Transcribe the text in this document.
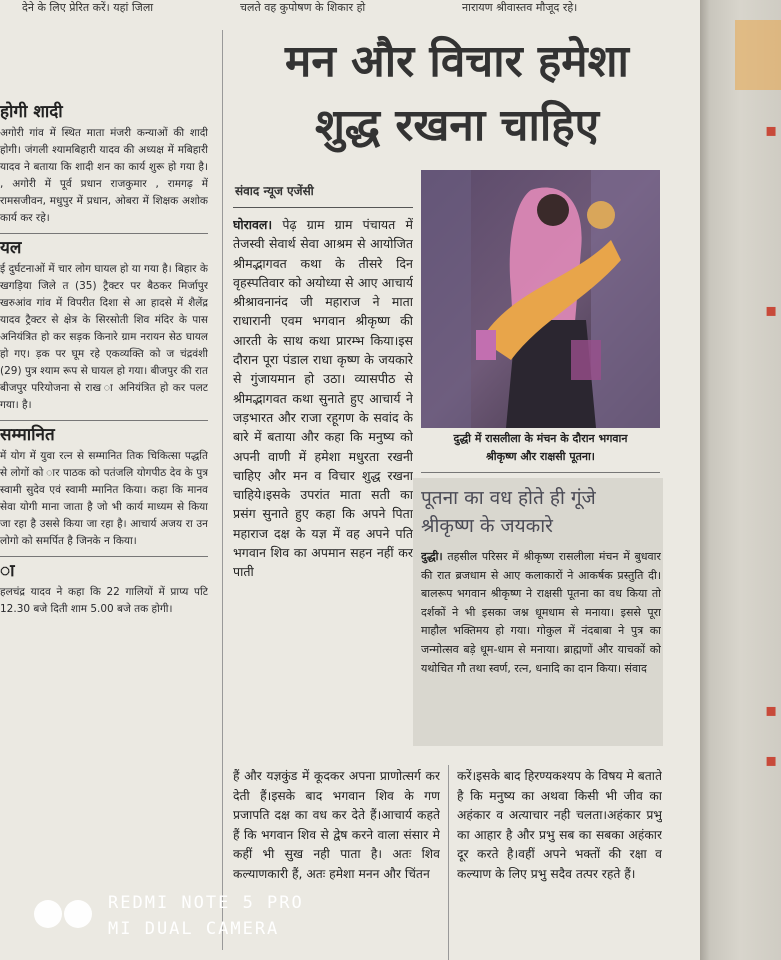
देने के लिए प्रेरित करें। यहां जिला	चलते वह कुपोषण के शिकार हो	नारायण श्रीवास्तव मौजूद रहे।
होगी शादी
अगोरी गांव में स्थित माता मंजरी कन्याओं की शादी होगी। जंगली श्यामबिहारी यादव की अध्यक्ष में मबिहारी यादव ने बताया कि शादी शन का कार्य शुरू हो गया है। , अगोरी में पूर्व प्रधान राजकुमार , रामगढ़ में रामसजीवन, मधुपुर में प्रधान, ओबरा में शिक्षक अशोक कार्य कर रहे।
यल
ई दुर्घटनाओं में चार लोग घायल हो या गया है। बिहार के खगड़िया जिले त (35) ट्रैक्टर पर बैठकर मिर्जापुर खरुआंव गांव में विपरीत दिशा से आ हादसे में शैलेंद्र यादव ट्रैक्टर से क्षेत्र के सिरसोती शिव मंदिर के पास अनियंत्रित हो कर सड़क किनारे ग्राम नरायन सेठ घायल हो गए। ड़क पर घूम रहे एकव्यक्ति को ज चंद्रवंशी (29) पुत्र श्याम रूप से घायल हो गया। बीजपुर की रात बीजपुर परियोजना से राख ा अनियंत्रित हो कर पलट गया। है।
सम्मानित
में योग में युवा रत्न से सम्मानित तिक चिकित्सा पद्धति से लोगों को ार पाठक को पतंजलि योगपीठ देव के पुत्र स्वामी सुदेव एवं स्वामी म्मानित किया। कहा कि मानव सेवा योगी माना जाता है जो भी कार्य माध्यम से किया जा रहा है उससे किया जा रहा है। आचार्य अजय रा उन लोगो को समर्पित है जिनके न किया।
ा
हलचंद्र यादव ने कहा कि 22 गालियों में प्राप्य पटि 12.30 बजे दिती शाम 5.00 बजे तक होगी।
मन और विचार हमेशा
शुद्ध रखना चाहिए
संवाद न्यूज एजेंसी
घोरावल। पेढ़ ग्राम ग्राम पंचायत में तेजस्वी सेवार्थ सेवा आश्रम से आयोजित श्रीमद्भागवत कथा के तीसरे दिन वृहस्पतिवार को अयोध्या से आए आचार्य श्रीश्रावनानंद जी महाराज ने माता राधारानी एवम भगवान श्रीकृष्ण की आरती के साथ कथा प्रारम्भ किया।इस दौरान पूरा पंडाल राधा कृष्ण के जयकारे से गुंजायमान हो उठा। व्यासपीठ से श्रीमद्भागवत कथा सुनाते हुए आचार्य ने जड़भारत और राजा रहूगण के सवांद के बारे में बताया और कहा कि मनुष्य को अपनी वाणी में हमेशा मधुरता रखनी चाहिए और मन व विचार शुद्ध रखना चाहिये।इसके उपरांत माता सती का प्रसंग सुनाते हुए कहा कि अपने पिता महाराज दक्ष के यज्ञ में वह अपने पति भगवान शिव का अपमान सहन नहीं कर पाती
दुद्धी में रासलीला के मंचन के दौरान भगवान
श्रीकृष्ण और राक्षसी पूतना।
पूतना का वध होते ही गूंजे
श्रीकृष्ण के जयकारे
दुद्धी। तहसील परिसर में श्रीकृष्ण रासलीला मंचन में बुधवार की रात ब्रजधाम से आए कलाकारों ने आकर्षक प्रस्तुति दी। बालरूप भगवान श्रीकृष्ण ने राक्षसी पूतना का वध किया तो दर्शकों ने भी इसका जश्न धूमधाम से मनाया। इससे पूरा माहौल भक्तिमय हो गया। गोकुल में नंदबाबा ने पुत्र का जन्मोत्सव बड़े धूम-धाम से मनाया। ब्राह्मणों और याचकों को यथोचित गौ तथा स्वर्ण, रत्न, धनादि का दान किया। संवाद
हैं और यज्ञकुंड में कूदकर अपना प्राणोत्सर्ग कर देती हैं।इसके बाद भगवान शिव के गण प्रजापति दक्ष का वध कर देते हैं।आचार्य कहते हैं कि भगवान शिव से द्वेष करने वाला संसार मे कहीं भी सुख नही पाता है। अतः शिव कल्याणकारी हैं, अतः हमेशा मनन और चिंतन
करें।इसके बाद हिरण्यकश्यप के विषय मे बताते है कि मनुष्य का अथवा किसी भी जीव का अहंकार व अत्याचार नही चलता।अहंकार प्रभु का आहार है और प्रभु सब का सबका अहंकार दूर करते है।वहीं अपने भक्तों की रक्षा व कल्याण के लिए प्रभु सदैव तत्पर रहते हैं।
▪
▪
▪
▪
REDMI NOTE 5 PRO
MI DUAL CAMERA
